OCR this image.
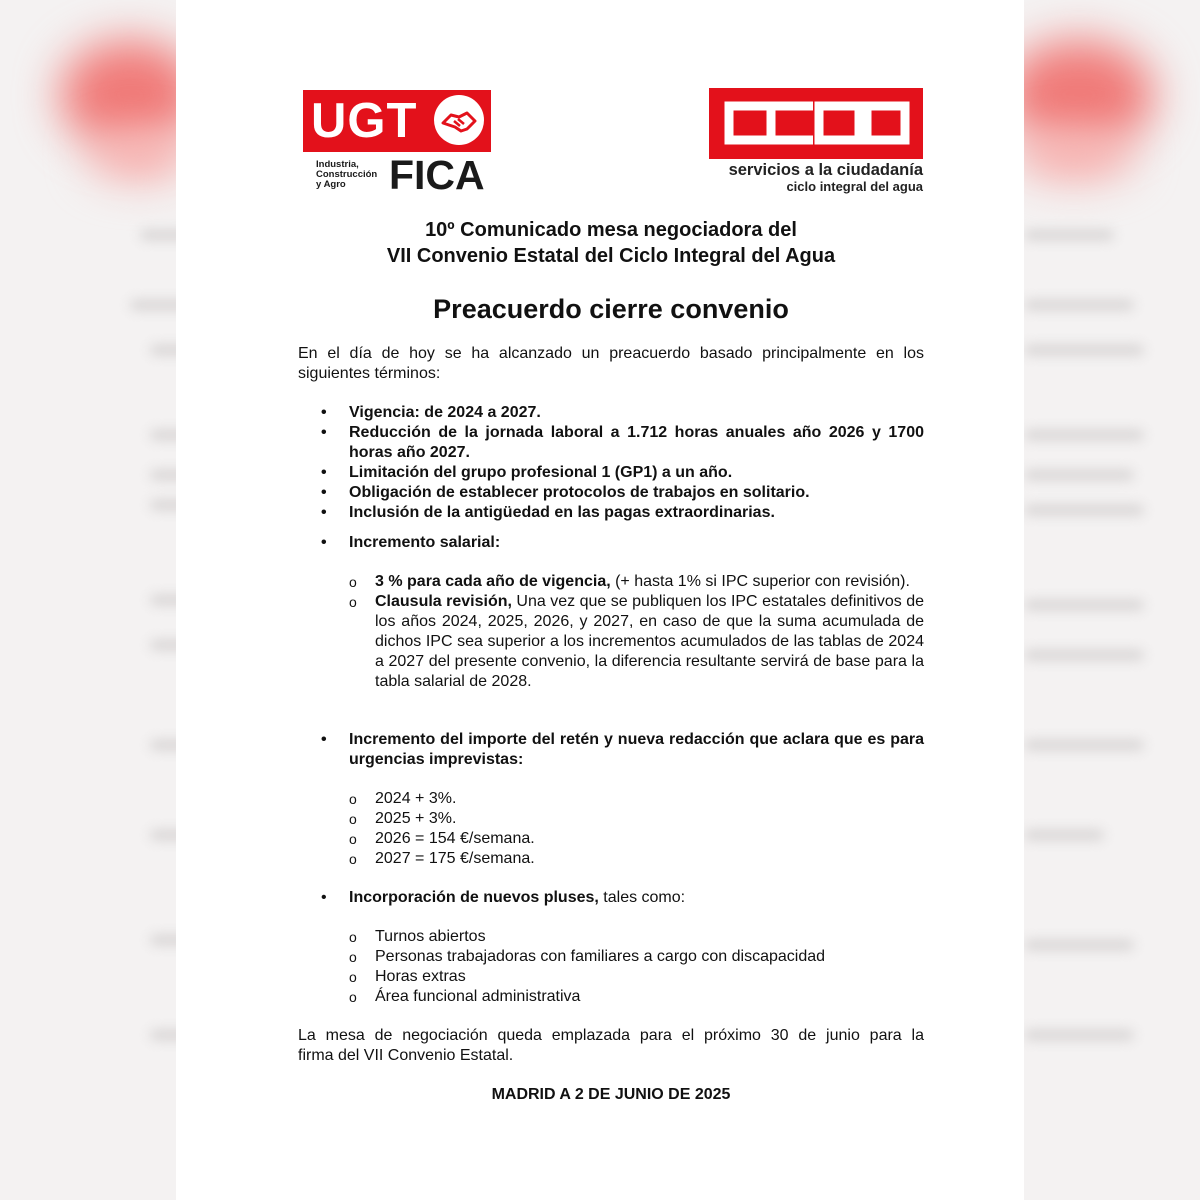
UGT
Industria,
Construcción
y Agro	FICA	servicios a la ciudadanía
ciclo integral del agua
10º Comunicado mesa negociadora del
VII Convenio Estatal del Ciclo Integral del Agua
Preacuerdo cierre convenio
En el día de hoy se ha alcanzado un preacuerdo basado principalmente en los
siguientes términos:
• Vigencia: de 2024 a 2027.
• Reducción de la jornada laboral a 1.712 horas anuales año 2026 y 1700 horas año 2027.
• Limitación del grupo profesional 1 (GP1) a un año.
• Obligación de establecer protocolos de trabajos en solitario.
• Inclusión de la antigüedad en las pagas extraordinarias.
• Incremento salarial:
o 3 % para cada año de vigencia, (+ hasta 1% si IPC superior con revisión).
o Clausula revisión, Una vez que se publiquen los IPC estatales definitivos de los años 2024, 2025, 2026, y 2027, en caso de que la suma acumulada de dichos IPC sea superior a los incrementos acumulados de las tablas de 2024 a 2027 del presente convenio, la diferencia resultante servirá de base para la tabla salarial de 2028.
• Incremento del importe del retén y nueva redacción que aclara que es para urgencias imprevistas:
o 2024 + 3%.
o 2025 + 3%.
o 2026 = 154 €/semana.
o 2027 = 175 €/semana.
• Incorporación de nuevos pluses, tales como:
o Turnos abiertos
o Personas trabajadoras con familiares a cargo con discapacidad
o Horas extras
o Área funcional administrativa
La mesa de negociación queda emplazada para el próximo 30 de junio para la
firma del VII Convenio Estatal.
MADRID A 2 DE JUNIO DE 2025
